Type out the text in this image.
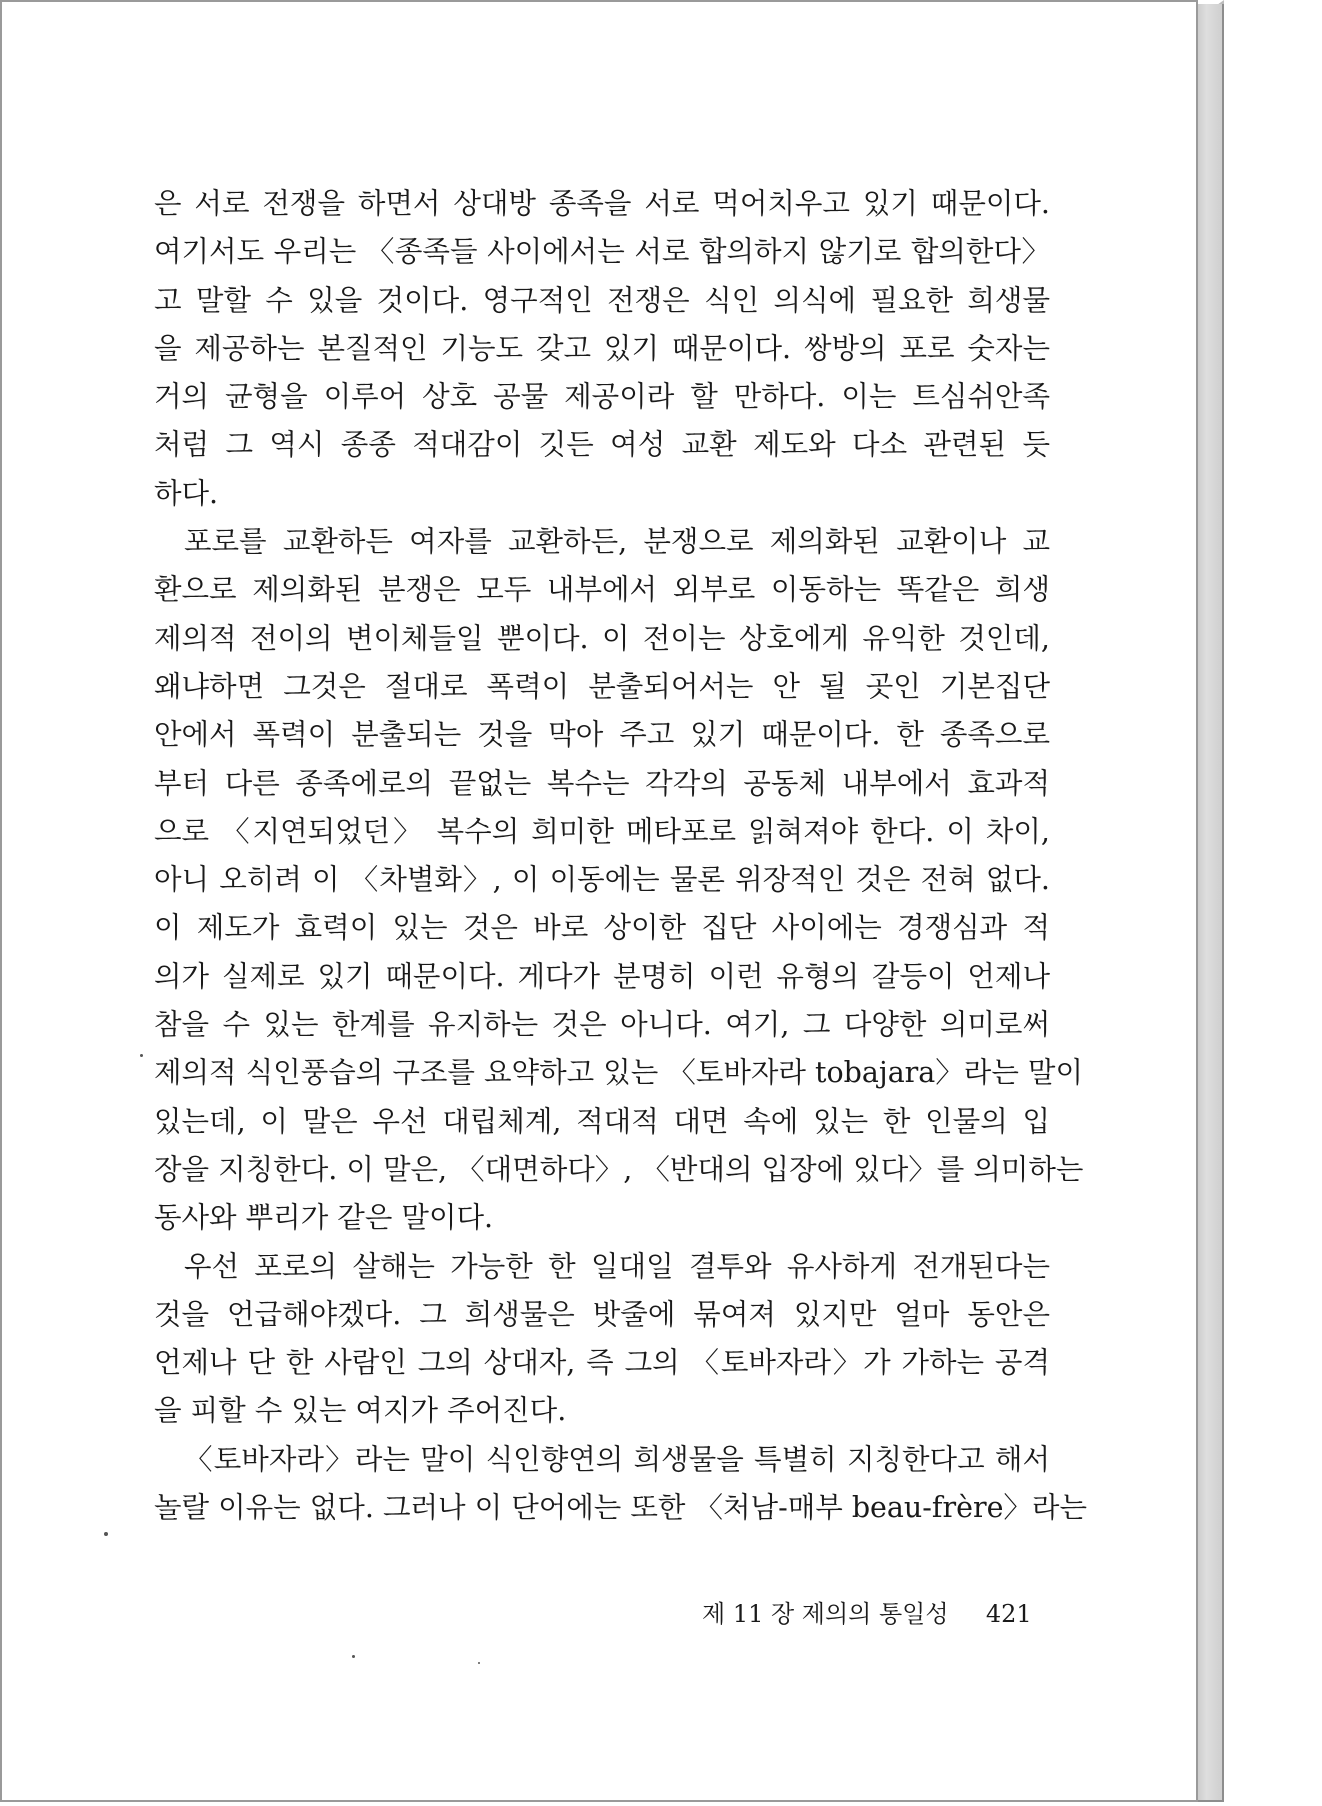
은 서로 전쟁을 하면서 상대방 종족을 서로 먹어치우고 있기 때문이다.
여기서도 우리는 〈종족들 사이에서는 서로 합의하지 않기로 합의한다〉
고 말할 수 있을 것이다. 영구적인 전쟁은 식인 의식에 필요한 희생물
을 제공하는 본질적인 기능도 갖고 있기 때문이다. 쌍방의 포로 숫자는
거의 균형을 이루어 상호 공물 제공이라 할 만하다. 이는 트심쉬안족
처럼 그 역시 종종 적대감이 깃든 여성 교환 제도와 다소 관련된 듯
하다.
포로를 교환하든 여자를 교환하든, 분쟁으로 제의화된 교환이나 교
환으로 제의화된 분쟁은 모두 내부에서 외부로 이동하는 똑같은 희생
제의적 전이의 변이체들일 뿐이다. 이 전이는 상호에게 유익한 것인데,
왜냐하면 그것은 절대로 폭력이 분출되어서는 안 될 곳인 기본집단
안에서 폭력이 분출되는 것을 막아 주고 있기 때문이다. 한 종족으로
부터 다른 종족에로의 끝없는 복수는 각각의 공동체 내부에서 효과적
으로 〈지연되었던〉 복수의 희미한 메타포로 읽혀져야 한다. 이 차이,
아니 오히려 이 〈차별화〉, 이 이동에는 물론 위장적인 것은 전혀 없다.
이 제도가 효력이 있는 것은 바로 상이한 집단 사이에는 경쟁심과 적
의가 실제로 있기 때문이다. 게다가 분명히 이런 유형의 갈등이 언제나
참을 수 있는 한계를 유지하는 것은 아니다. 여기, 그 다양한 의미로써
제의적 식인풍습의 구조를 요약하고 있는 〈토바자라 tobajara〉라는 말이
있는데, 이 말은 우선 대립체계, 적대적 대면 속에 있는 한 인물의 입
장을 지칭한다. 이 말은, 〈대면하다〉, 〈반대의 입장에 있다〉를 의미하는
동사와 뿌리가 같은 말이다.
우선 포로의 살해는 가능한 한 일대일 결투와 유사하게 전개된다는
것을 언급해야겠다. 그 희생물은 밧줄에 묶여져 있지만 얼마 동안은
언제나 단 한 사람인 그의 상대자, 즉 그의 〈토바자라〉가 가하는 공격
을 피할 수 있는 여지가 주어진다.
〈토바자라〉라는 말이 식인향연의 희생물을 특별히 지칭한다고 해서
놀랄 이유는 없다. 그러나 이 단어에는 또한 〈처남-매부 beau-frère〉라는
제 11 장 제의의 통일성 421
